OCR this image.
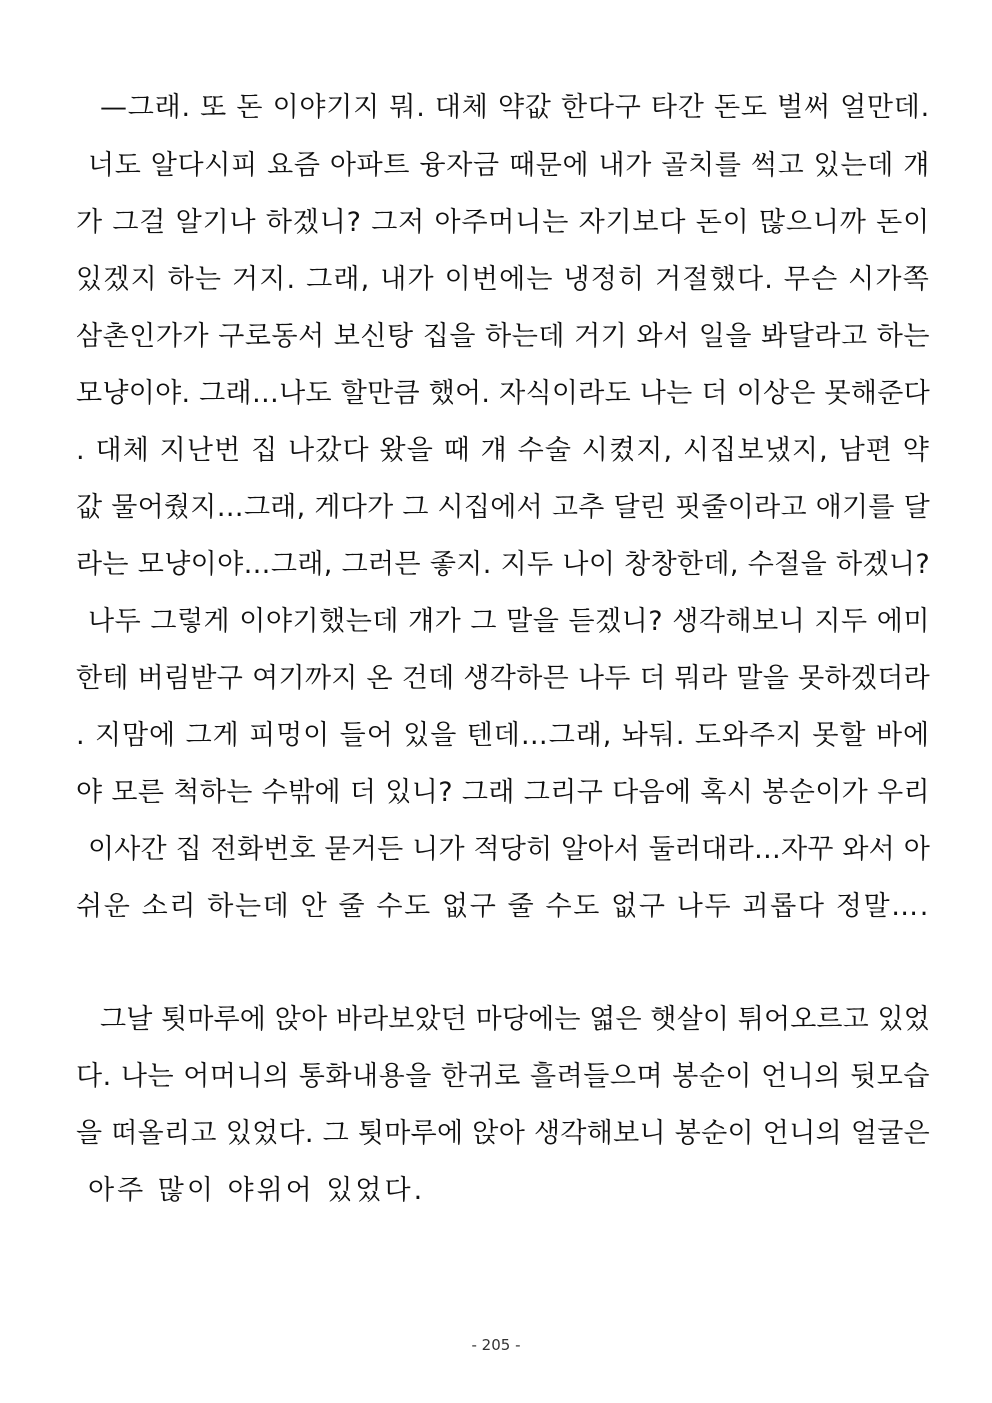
—그래. 또 돈 이야기지 뭐. 대체 약값 한다구 타간 돈도 벌써 얼만데.
너도 알다시피 요즘 아파트 융자금 때문에 내가 골치를 썩고 있는데 걔
가 그걸 알기나 하겠니? 그저 아주머니는 자기보다 돈이 많으니까 돈이
있겠지 하는 거지. 그래, 내가 이번에는 냉정히 거절했다. 무슨 시가쪽
삼촌인가가 구로동서 보신탕 집을 하는데 거기 와서 일을 봐달라고 하는
모냥이야. 그래…나도 할만큼 했어. 자식이라도 나는 더 이상은 못해준다
. 대체 지난번 집 나갔다 왔을 때 걔 수술 시켰지, 시집보냈지, 남편 약
값 물어줬지…그래, 게다가 그 시집에서 고추 달린 핏줄이라고 애기를 달
라는 모냥이야…그래, 그러믄 좋지. 지두 나이 창창한데, 수절을 하겠니?
나두 그렇게 이야기했는데 걔가 그 말을 듣겠니? 생각해보니 지두 에미
한테 버림받구 여기까지 온 건데 생각하믄 나두 더 뭐라 말을 못하겠더라
. 지맘에 그게 피멍이 들어 있을 텐데…그래, 놔둬. 도와주지 못할 바에
야 모른 척하는 수밖에 더 있니? 그래 그리구 다음에 혹시 봉순이가 우리
이사간 집 전화번호 묻거든 니가 적당히 알아서 둘러대라…자꾸 와서 아
쉬운 소리 하는데 안 줄 수도 없구 줄 수도 없구 나두 괴롭다 정말….
그날 툇마루에 앉아 바라보았던 마당에는 엷은 햇살이 튀어오르고 있었
다. 나는 어머니의 통화내용을 한귀로 흘려들으며 봉순이 언니의 뒷모습
을 떠올리고 있었다. 그 툇마루에 앉아 생각해보니 봉순이 언니의 얼굴은
아주 많이 야위어 있었다.
- 205 -
